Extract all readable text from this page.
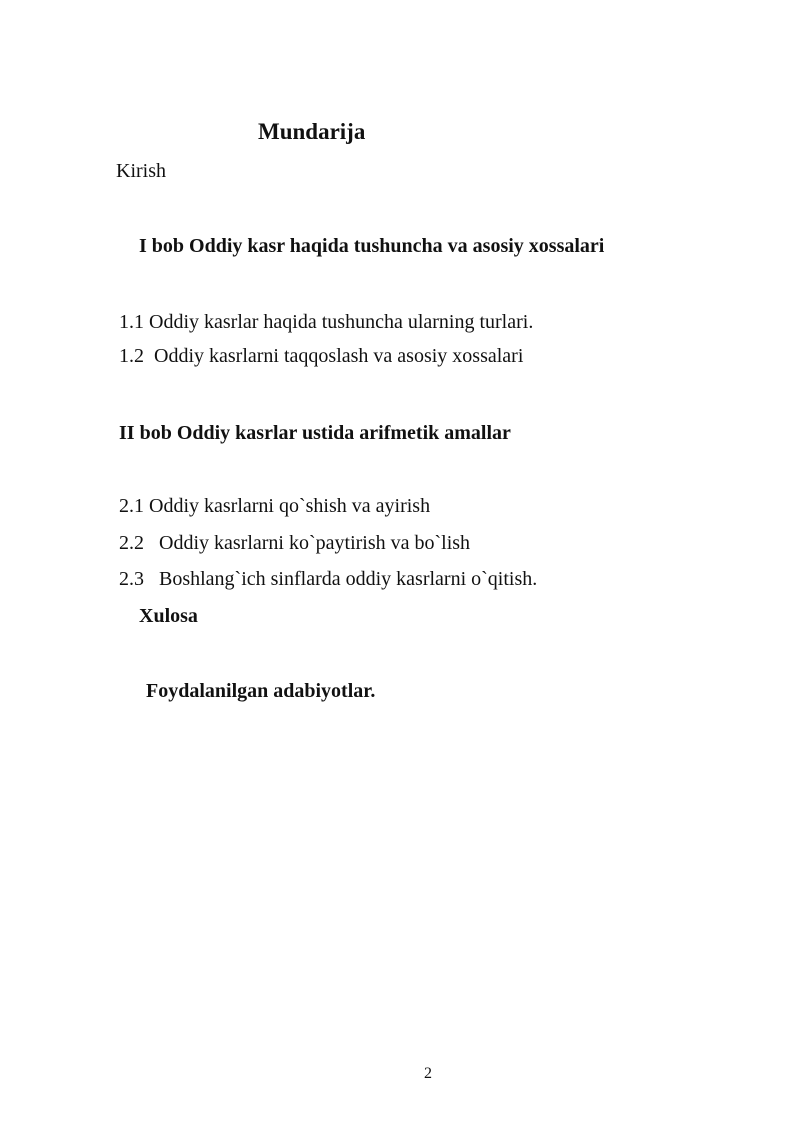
Mundarija
Kirish
I bob Oddiy kasr haqida tushuncha va asosiy xossalari
1.1 Oddiy kasrlar haqida tushuncha ularning turlari.
1.2 Oddiy kasrlarni taqqoslash va asosiy xossalari
II bob Oddiy kasrlar ustida arifmetik amallar
2.1 Oddiy kasrlarni qo`shish va ayirish
2.2 Oddiy kasrlarni ko`paytirish va bo`lish
2.3 Boshlang`ich sinflarda oddiy kasrlarni o`qitish.
Xulosa
Foydalanilgan adabiyotlar.
2
